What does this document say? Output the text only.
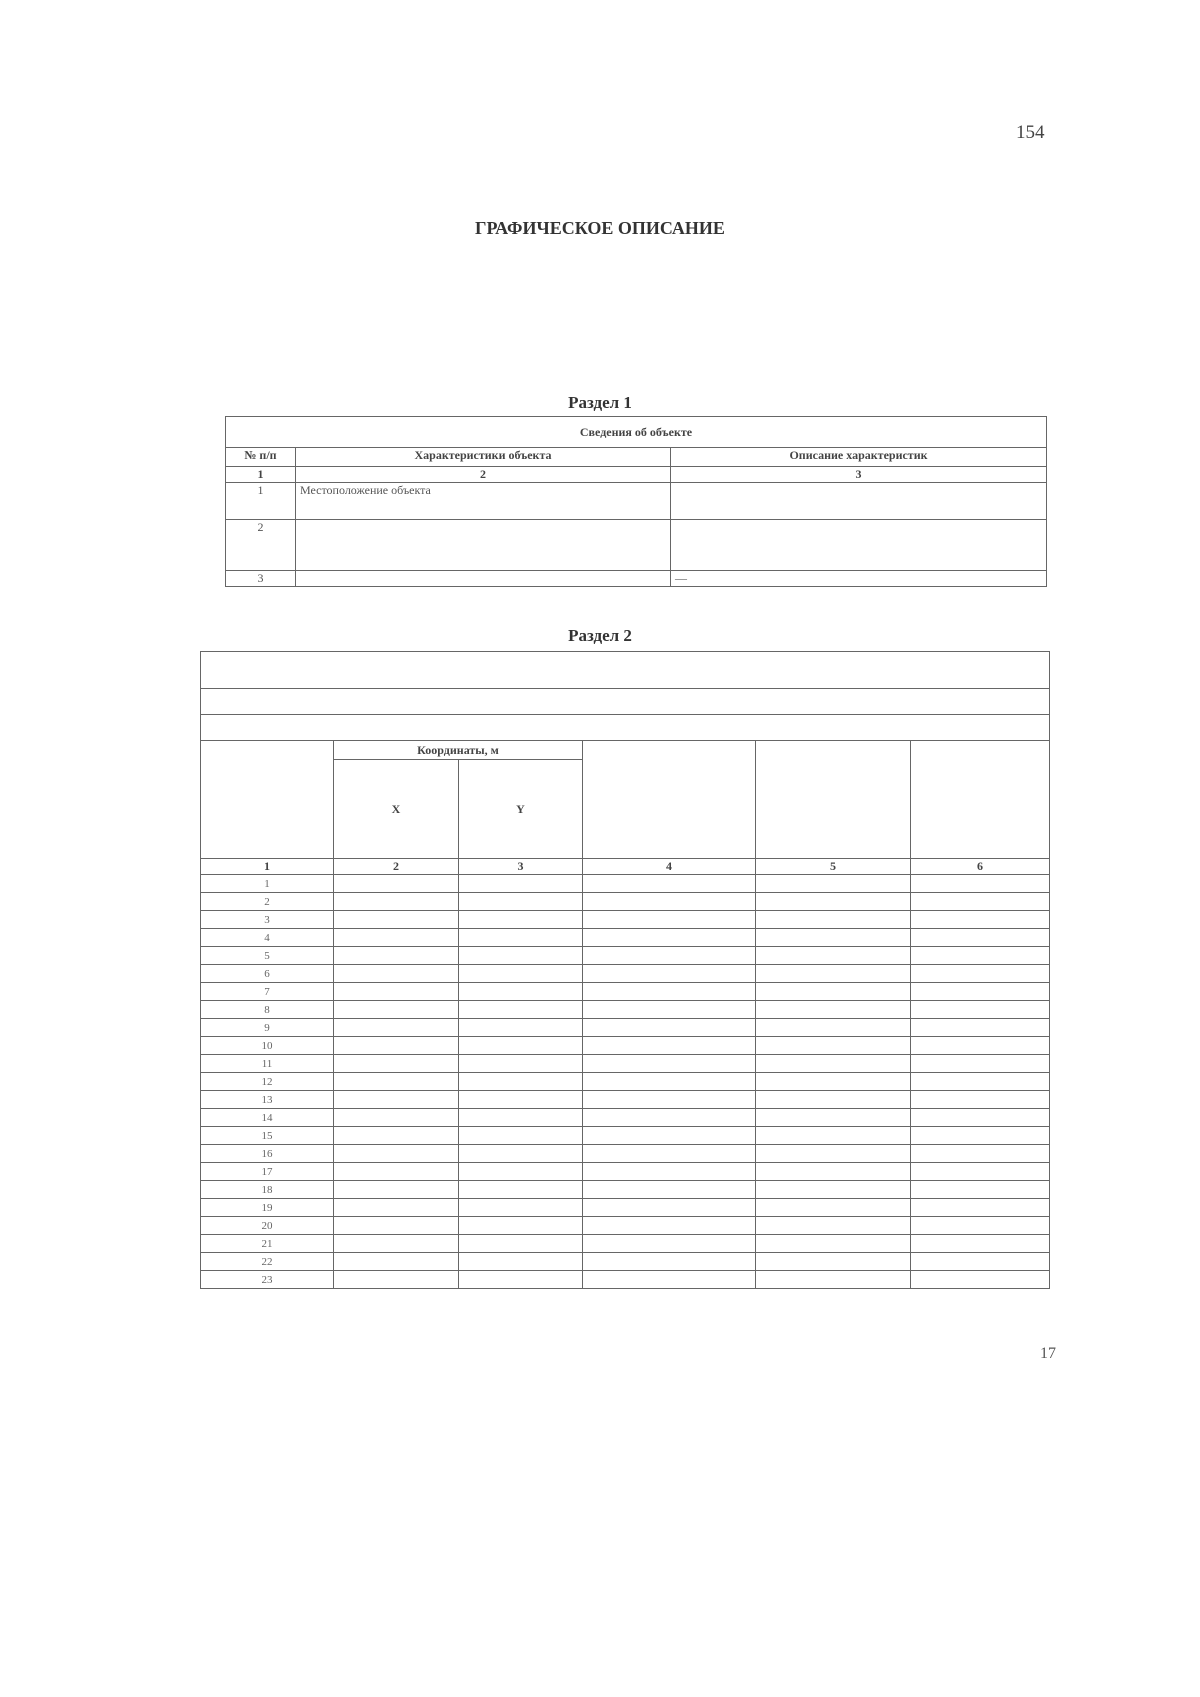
154
ГРАФИЧЕСКОЕ ОПИСАНИЕ
Раздел 1
Сведения об объекте		
№ п/п	Характеристики объекта	Описание характеристик
1	2	3
1	Местоположение объекта	
2		
3		—
Раздел 2

	Координаты, м				
	X	Y			
1	2	3	4	5	6
1					
2					
3					
4					
5					
6					
7					
8					
9					
10					
11					
12					
13					
14					
15					
16					
17					
18					
19					
20					
21					
22					
23					
17
